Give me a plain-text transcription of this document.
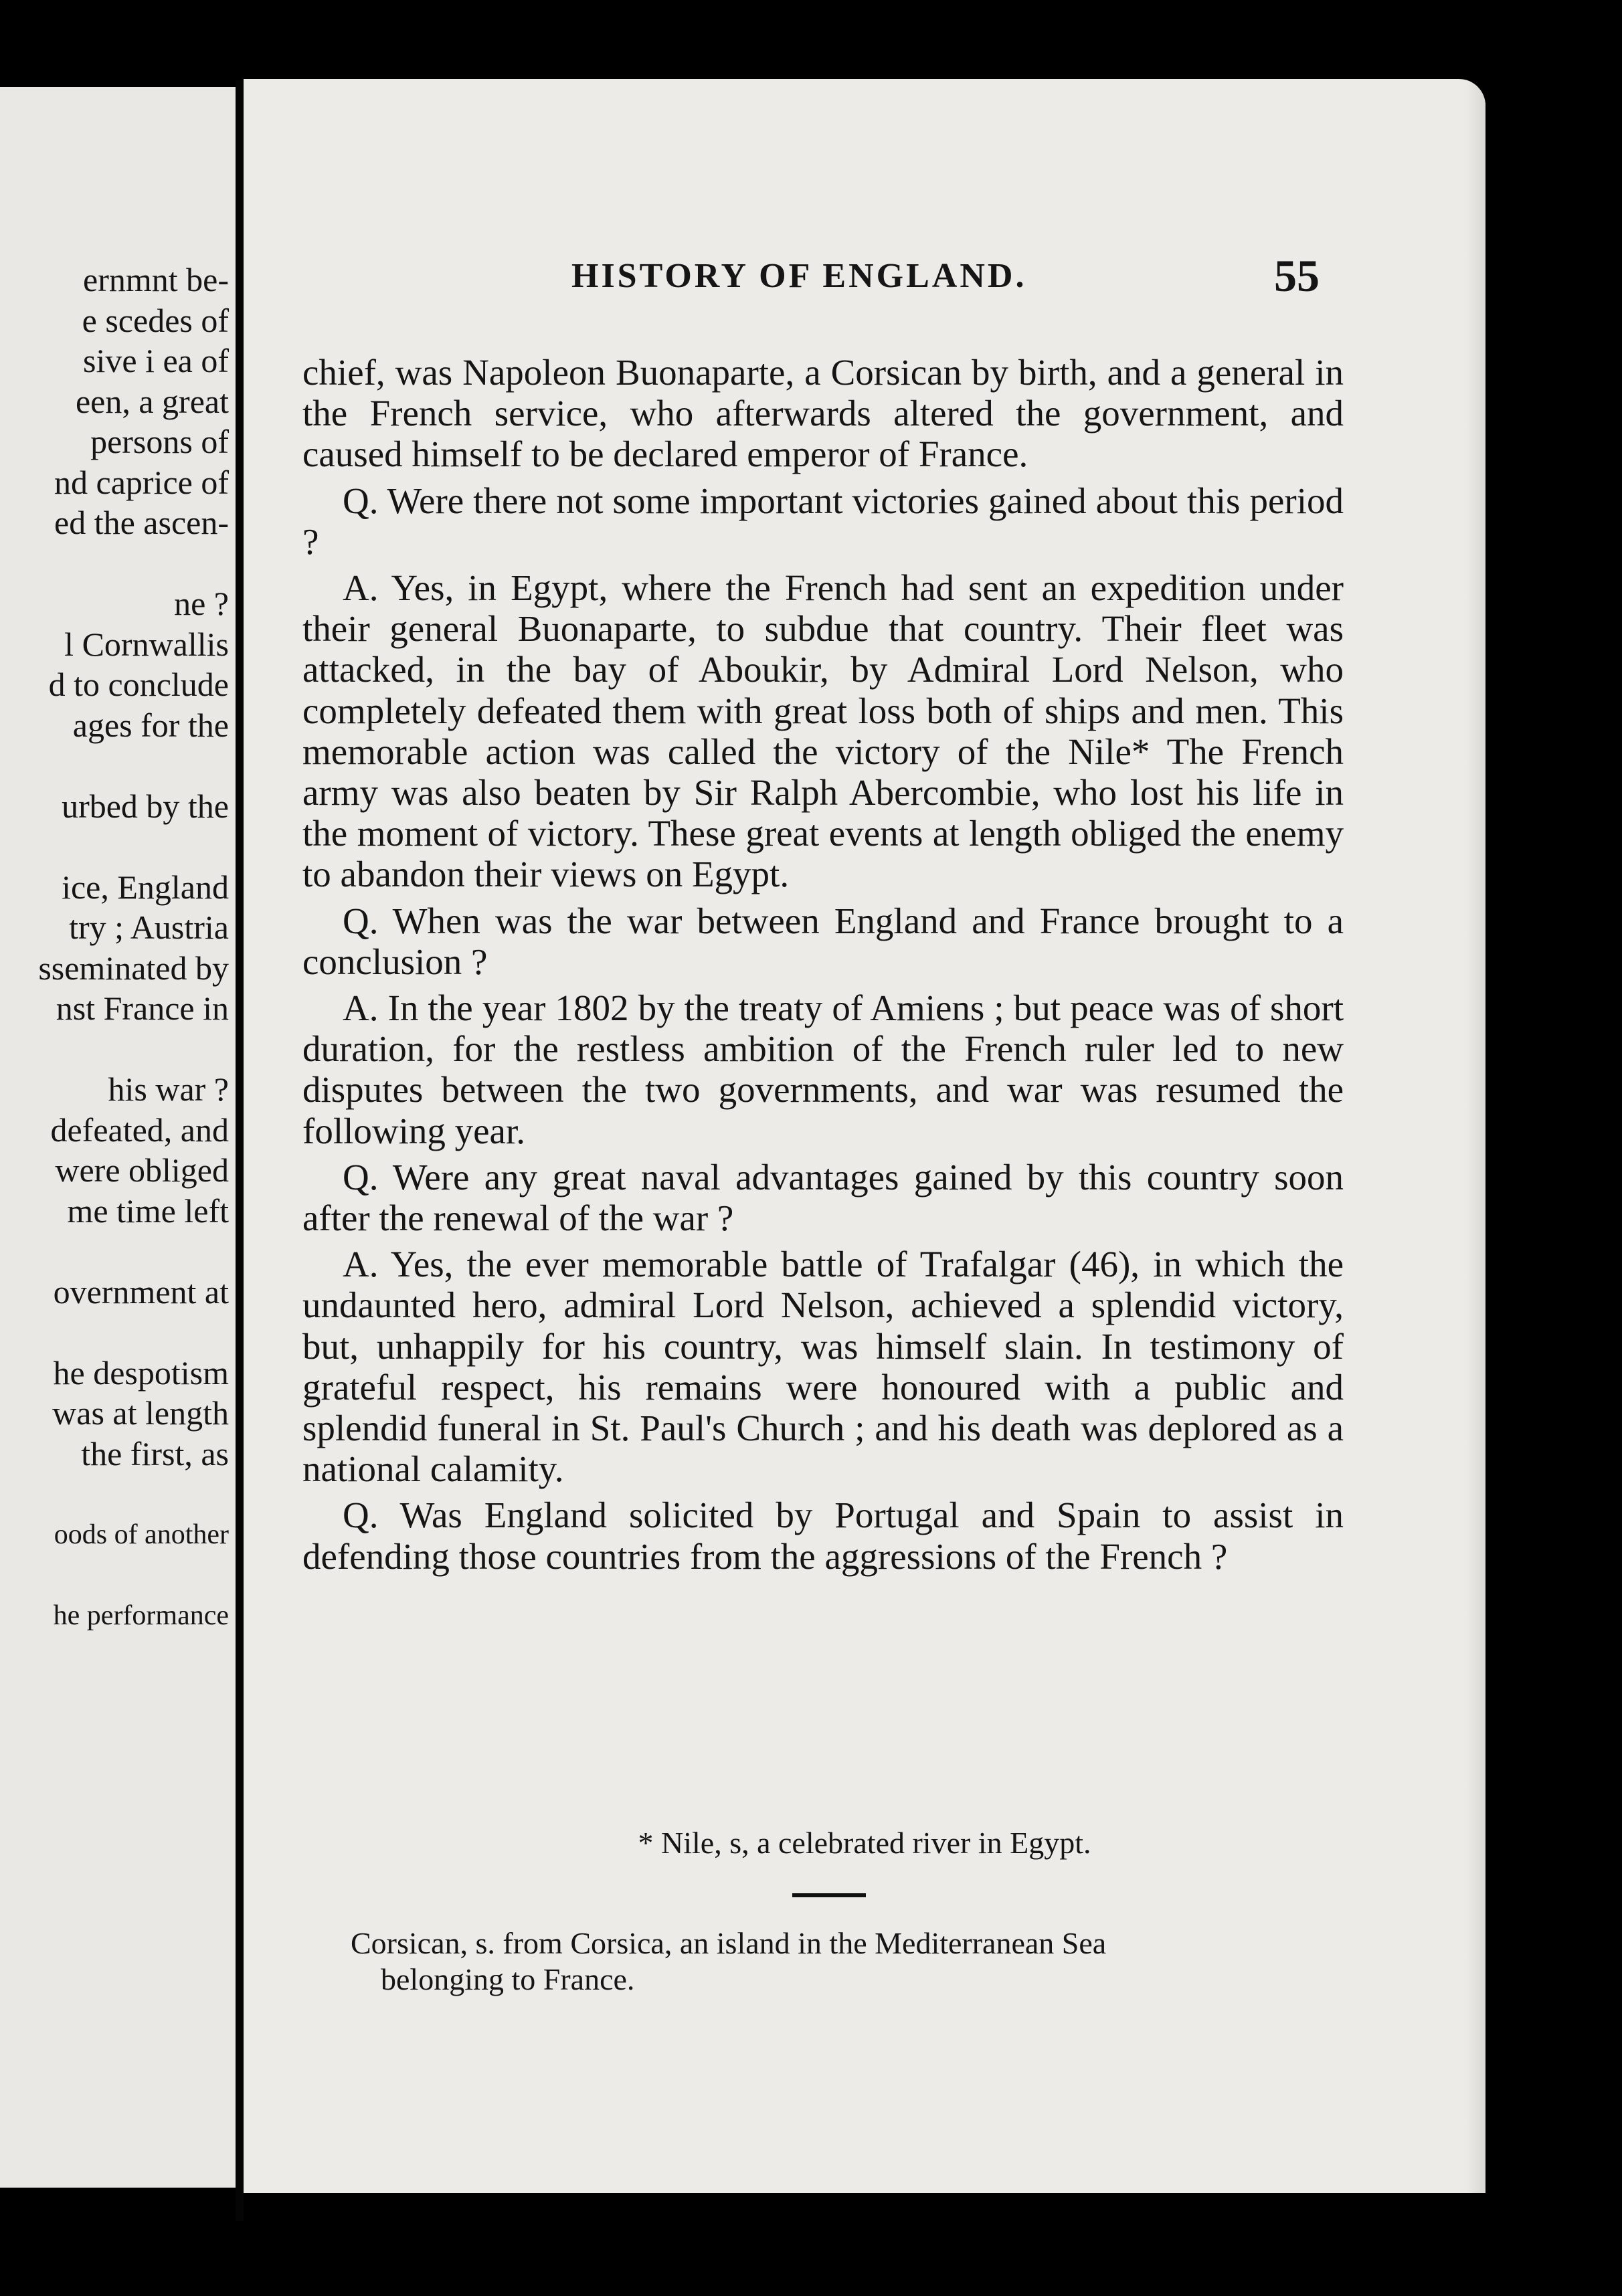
ernmnt be-
e scedes of
sive i ea of
een, a great
persons of
nd caprice of
ed the ascen-
ne ?
l Cornwallis
d to conclude
ages for the
urbed by the
ice, England
try ; Austria
sseminated by
nst France in
his war ?
defeated, and
were obliged
me time left
overnment at
he despotism
was at length
the first, as
oods of another
he performance
HISTORY OF ENGLAND.	55

chief, was Napoleon Buonaparte, a Corsican by birth, and a general in the French service, who afterwards altered the government, and caused himself to be declared emperor of France.

Q. Were there not some important victories gained about this period ?

A. Yes, in Egypt, where the French had sent an expedition under their general Buonaparte, to subdue that country. Their fleet was attacked, in the bay of Aboukir, by Admiral Lord Nelson, who completely defeated them with great loss both of ships and men. This memorable action was called the victory of the Nile* The French army was also beaten by Sir Ralph Abercombie, who lost his life in the moment of victory. These great events at length obliged the enemy to abandon their views on Egypt.

Q. When was the war between England and France brought to a conclusion ?

A. In the year 1802 by the treaty of Amiens ; but peace was of short duration, for the restless ambition of the French ruler led to new disputes between the two governments, and war was resumed the following year.

Q. Were any great naval advantages gained by this country soon after the renewal of the war ?

A. Yes, the ever memorable battle of Trafalgar (46), in which the undaunted hero, admiral Lord Nelson, achieved a splendid victory, but, unhappily for his country, was himself slain. In testimony of grateful respect, his remains were honoured with a public and splendid funeral in St. Paul's Church ; and his death was deplored as a national calamity.

Q. Was England solicited by Portugal and Spain to assist in defending those countries from the aggressions of the French ?

* Nile, s, a celebrated river in Egypt.
Corsican, s. from Corsica, an island in the Mediterranean Sea
belonging to France.
